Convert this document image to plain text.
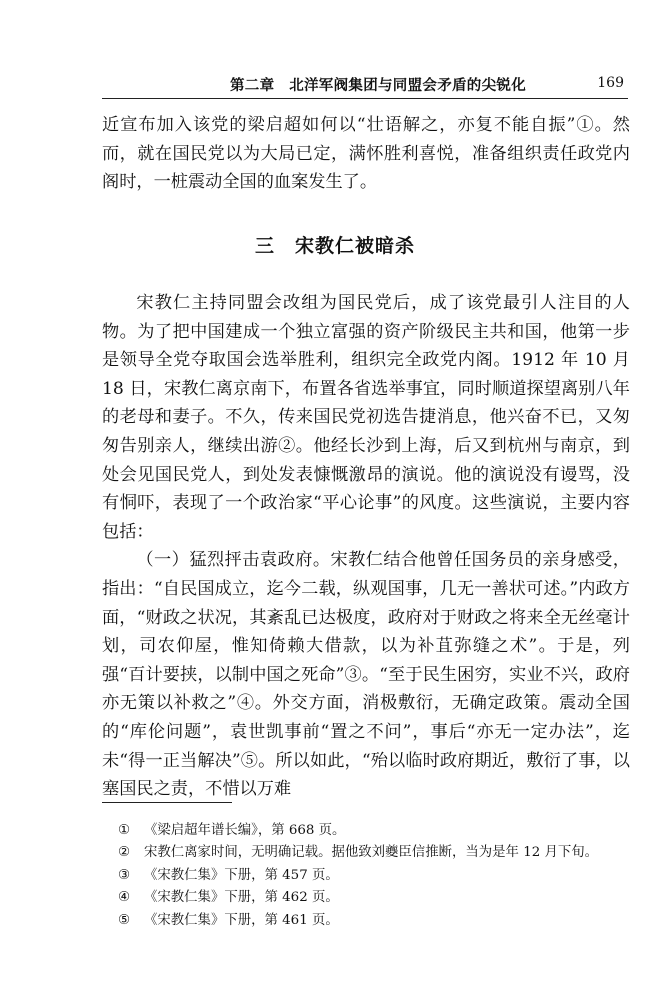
第二章　北洋军阀集团与同盟会矛盾的尖锐化	169

近宣布加入该党的梁启超如何以“壮语解之，亦复不能自振”①。然而，就在国民党以为大局已定，满怀胜利喜悦，准备组织责任政党内阁时，一桩震动全国的血案发生了。

三　宋教仁被暗杀

宋教仁主持同盟会改组为国民党后，成了该党最引人注目的人物。为了把中国建成一个独立富强的资产阶级民主共和国，他第一步是领导全党夺取国会选举胜利，组织完全政党内阁。1912 年 10 月 18 日，宋教仁离京南下，布置各省选举事宜，同时顺道探望离别八年的老母和妻子。不久，传来国民党初选告捷消息，他兴奋不已，又匆匆告别亲人，继续出游②。他经长沙到上海，后又到杭州与南京，到处会见国民党人，到处发表慷慨激昂的演说。他的演说没有谩骂，没有恫吓，表现了一个政治家“平心论事”的风度。这些演说，主要内容包括：

（一）猛烈抨击袁政府。宋教仁结合他曾任国务员的亲身感受，指出：“自民国成立，迄今二载，纵观国事，几无一善状可述。”内政方面，“财政之状况，其紊乱已达极度，政府对于财政之将来全无丝毫计划，司农仰屋，惟知倚赖大借款，以为补苴弥缝之术”。于是，列强“百计要挟，以制中国之死命”③。“至于民生困穷，实业不兴，政府亦无策以补救之”④。外交方面，消极敷衍，无确定政策。震动全国的“库伦问题”，袁世凯事前“置之不问”，事后“亦无一定办法”，迄未“得一正当解决”⑤。所以如此，“殆以临时政府期近，敷衍了事，以塞国民之责，不惜以万难

① 《梁启超年谱长编》，第 668 页。
② 宋教仁离家时间，无明确记载。据他致刘夔臣信推断，当为是年 12 月下旬。
③ 《宋教仁集》下册，第 457 页。
④ 《宋教仁集》下册，第 462 页。
⑤ 《宋教仁集》下册，第 461 页。
